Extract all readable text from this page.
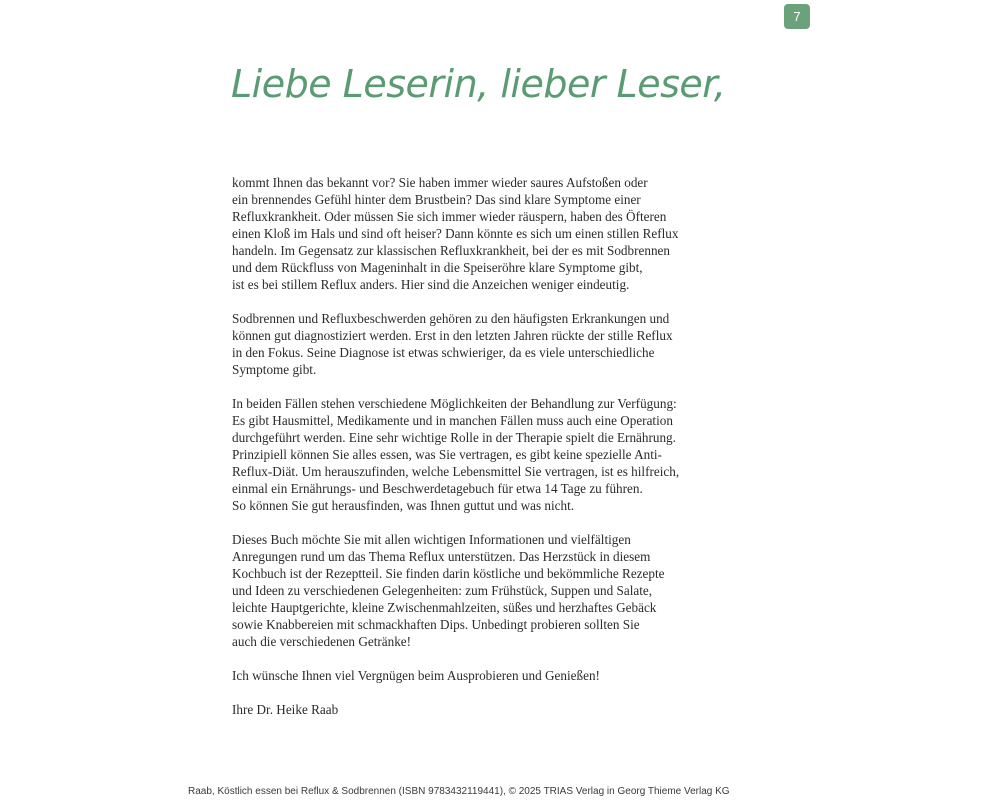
7
Liebe Leserin, lieber Leser,

kommt Ihnen das bekannt vor? Sie haben immer wieder saures Aufstoßen oder
ein brennendes Gefühl hinter dem Brustbein? Das sind klare Symptome einer
Refluxkrankheit. Oder müssen Sie sich immer wieder räuspern, haben des Öfteren
einen Kloß im Hals und sind oft heiser? Dann könnte es sich um einen stillen Reflux
handeln. Im Gegensatz zur klassischen Refluxkrankheit, bei der es mit Sodbrennen
und dem Rückfluss von Mageninhalt in die Speiseröhre klare Symptome gibt,
ist es bei stillem Reflux anders. Hier sind die Anzeichen weniger eindeutig.

Sodbrennen und Refluxbeschwerden gehören zu den häufigsten Erkrankungen und
können gut diagnostiziert werden. Erst in den letzten Jahren rückte der stille Reflux
in den Fokus. Seine Diagnose ist etwas schwieriger, da es viele unterschiedliche
Symptome gibt.

In beiden Fällen stehen verschiedene Möglichkeiten der Behandlung zur Verfügung:
Es gibt Hausmittel, Medikamente und in manchen Fällen muss auch eine Operation
durchgeführt werden. Eine sehr wichtige Rolle in der Therapie spielt die Ernährung.
Prinzipiell können Sie alles essen, was Sie vertragen, es gibt keine spezielle Anti-
Reflux-Diät. Um herauszufinden, welche Lebensmittel Sie vertragen, ist es hilfreich,
einmal ein Ernährungs- und Beschwerdetagebuch für etwa 14 Tage zu führen.
So können Sie gut herausfinden, was Ihnen guttut und was nicht.

Dieses Buch möchte Sie mit allen wichtigen Informationen und vielfältigen
Anregungen rund um das Thema Reflux unterstützen. Das Herzstück in diesem
Kochbuch ist der Rezeptteil. Sie finden darin köstliche und bekömmliche Rezepte
und Ideen zu verschiedenen Gelegenheiten: zum Frühstück, Suppen und Salate,
leichte Hauptgerichte, kleine Zwischenmahlzeiten, süßes und herzhaftes Gebäck
sowie Knabbereien mit schmackhaften Dips. Unbedingt probieren sollten Sie
auch die verschiedenen Getränke!

Ich wünsche Ihnen viel Vergnügen beim Ausprobieren und Genießen!

Ihre Dr. Heike Raab

Raab, Köstlich essen bei Reflux & Sodbrennen (ISBN 9783432119441), © 2025 TRIAS Verlag in Georg Thieme Verlag KG
